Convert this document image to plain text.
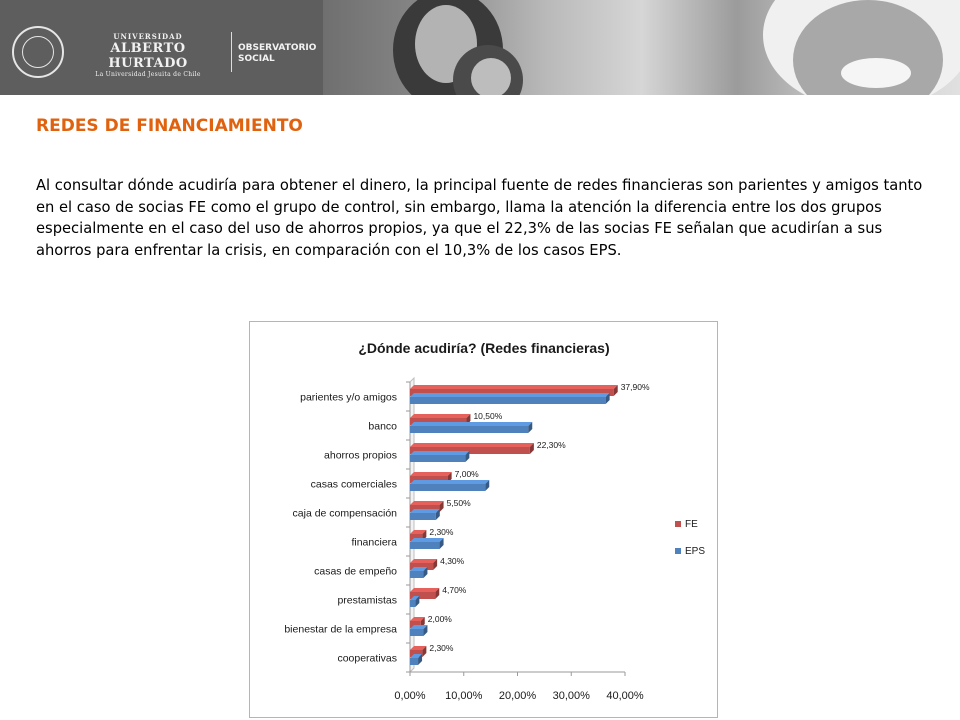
UNIVERSIDAD
ALBERTO HURTADO
La Universidad Jesuita de Chile
OBSERVATORIO
SOCIAL
REDES DE FINANCIAMIENTO

Al consultar dónde acudiría para obtener el dinero, la principal fuente de redes financieras son parientes y amigos tanto en el caso de socias FE como el grupo de control, sin embargo, llama la atención la diferencia entre los dos grupos especialmente en el caso del uso de ahorros propios, ya que el 22,3% de las socias FE señalan que acudirían a sus ahorros para enfrentar la crisis, en comparación con el 10,3% de los casos EPS.

¿Dónde acudiría? (Redes financieras)
parientes y/o amigos
banco
ahorros propios
casas comerciales
caja de compensación
financiera
casas de empeño
prestamistas
bienestar de la empresa
cooperativas
37,90%
10,50%
22,30%
7,00%
5,50%
2,30%
4,30%
4,70%
2,00%
2,30%
0,00% 10,00% 20,00% 30,00% 40,00%
FE
EPS
